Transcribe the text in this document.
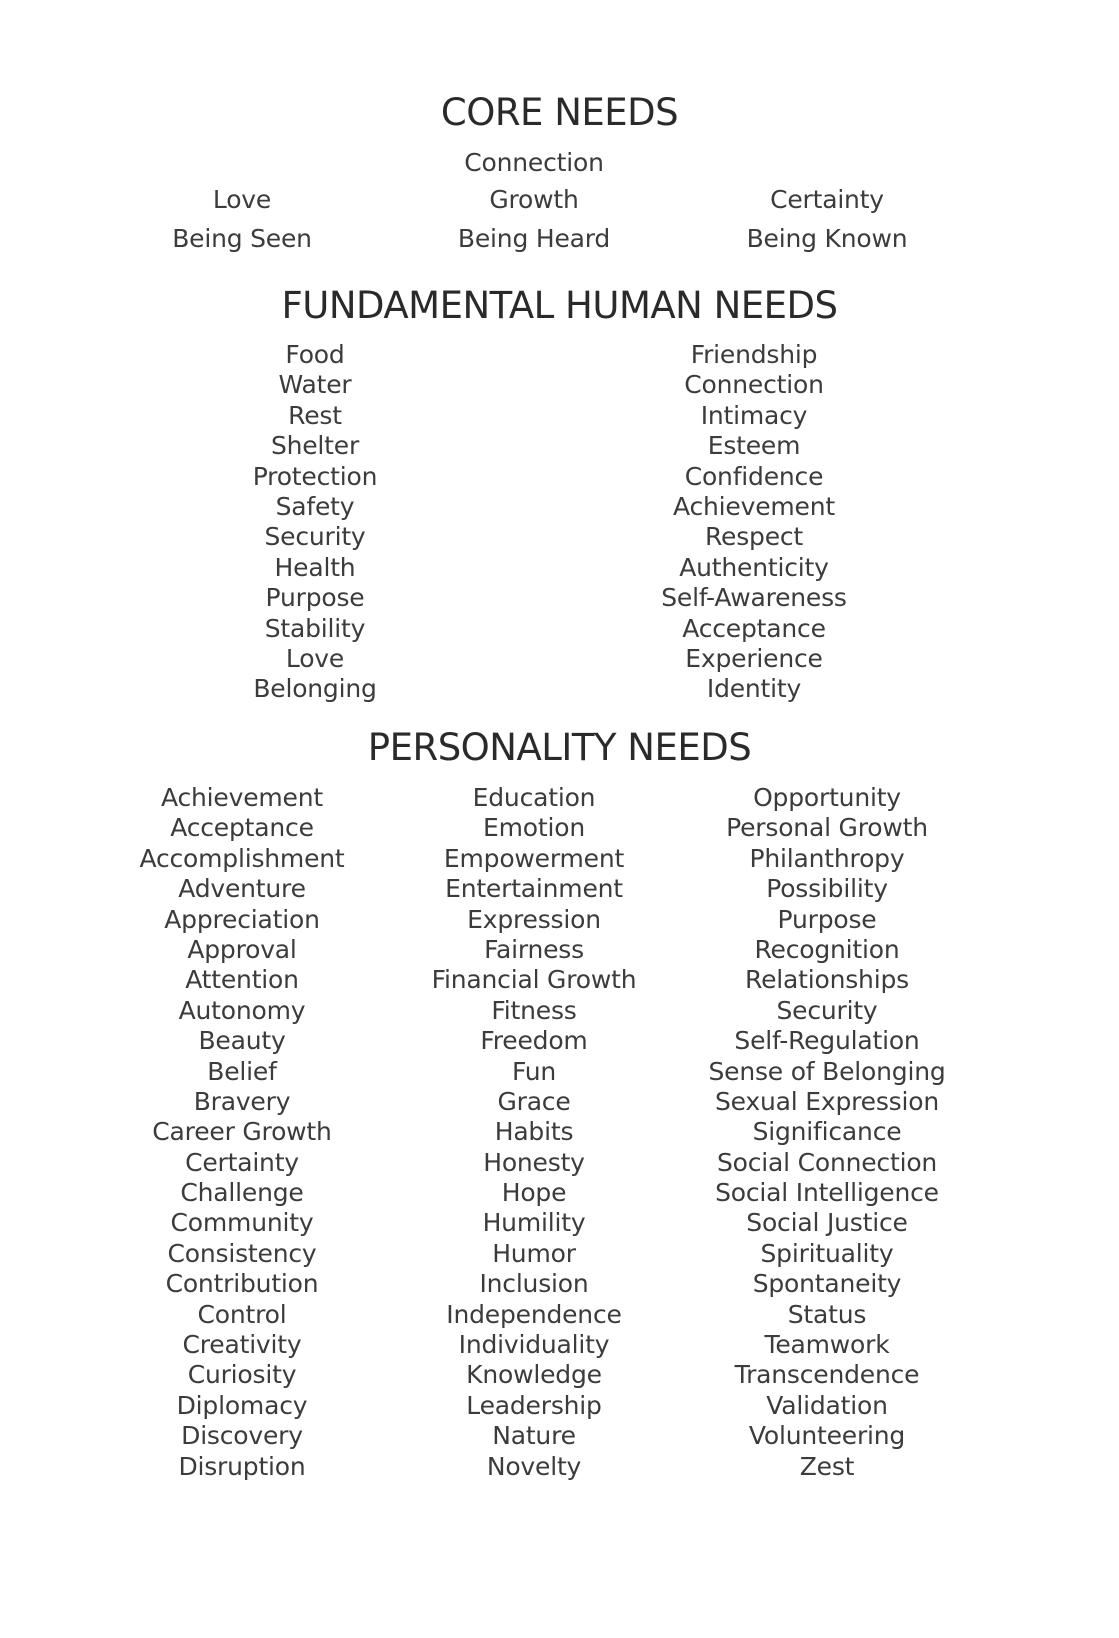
CORE NEEDS
Connection
Love	Growth	Certainty
Being Seen	Being Heard	Being Known
FUNDAMENTAL HUMAN NEEDS
Food
Water
Rest
Shelter
Protection
Safety
Security
Health
Purpose
Stability
Love
Belonging
Friendship
Connection
Intimacy
Esteem
Confidence
Achievement
Respect
Authenticity
Self-Awareness
Acceptance
Experience
Identity
PERSONALITY NEEDS
Achievement
Acceptance
Accomplishment
Adventure
Appreciation
Approval
Attention
Autonomy
Beauty
Belief
Bravery
Career Growth
Certainty
Challenge
Community
Consistency
Contribution
Control
Creativity
Curiosity
Diplomacy
Discovery
Disruption
Education
Emotion
Empowerment
Entertainment
Expression
Fairness
Financial Growth
Fitness
Freedom
Fun
Grace
Habits
Honesty
Hope
Humility
Humor
Inclusion
Independence
Individuality
Knowledge
Leadership
Nature
Novelty
Opportunity
Personal Growth
Philanthropy
Possibility
Purpose
Recognition
Relationships
Security
Self-Regulation
Sense of Belonging
Sexual Expression
Significance
Social Connection
Social Intelligence
Social Justice
Spirituality
Spontaneity
Status
Teamwork
Transcendence
Validation
Volunteering
Zest
